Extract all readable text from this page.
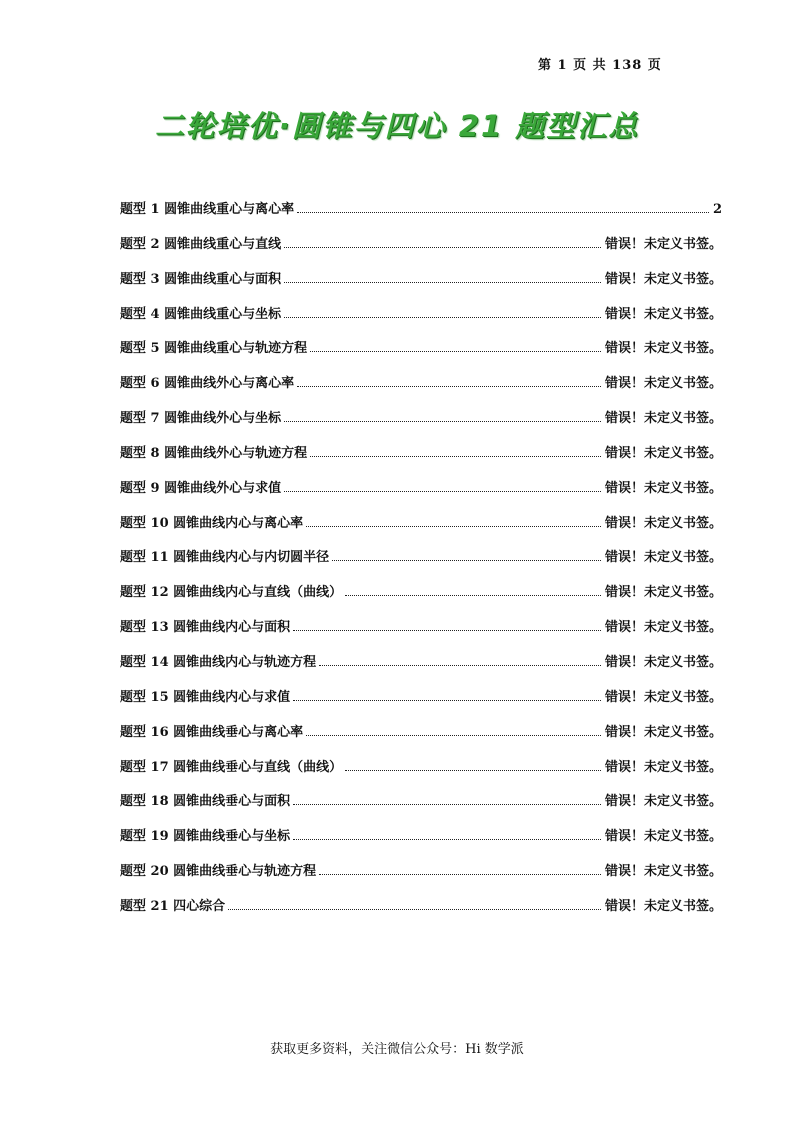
第 1 页 共 138 页
二轮培优·圆锥与四心 21 题型汇总
题型 1 圆锥曲线重心与离心率	2
题型 2 圆锥曲线重心与直线	错误！未定义书签。
题型 3 圆锥曲线重心与面积	错误！未定义书签。
题型 4 圆锥曲线重心与坐标	错误！未定义书签。
题型 5 圆锥曲线重心与轨迹方程	错误！未定义书签。
题型 6 圆锥曲线外心与离心率	错误！未定义书签。
题型 7 圆锥曲线外心与坐标	错误！未定义书签。
题型 8 圆锥曲线外心与轨迹方程	错误！未定义书签。
题型 9 圆锥曲线外心与求值	错误！未定义书签。
题型 10 圆锥曲线内心与离心率	错误！未定义书签。
题型 11 圆锥曲线内心与内切圆半径	错误！未定义书签。
题型 12 圆锥曲线内心与直线（曲线）	错误！未定义书签。
题型 13 圆锥曲线内心与面积	错误！未定义书签。
题型 14 圆锥曲线内心与轨迹方程	错误！未定义书签。
题型 15 圆锥曲线内心与求值	错误！未定义书签。
题型 16 圆锥曲线垂心与离心率	错误！未定义书签。
题型 17 圆锥曲线垂心与直线（曲线）	错误！未定义书签。
题型 18 圆锥曲线垂心与面积	错误！未定义书签。
题型 19 圆锥曲线垂心与坐标	错误！未定义书签。
题型 20 圆锥曲线垂心与轨迹方程	错误！未定义书签。
题型 21 四心综合	错误！未定义书签。
获取更多资料，关注微信公众号：Hi 数学派
